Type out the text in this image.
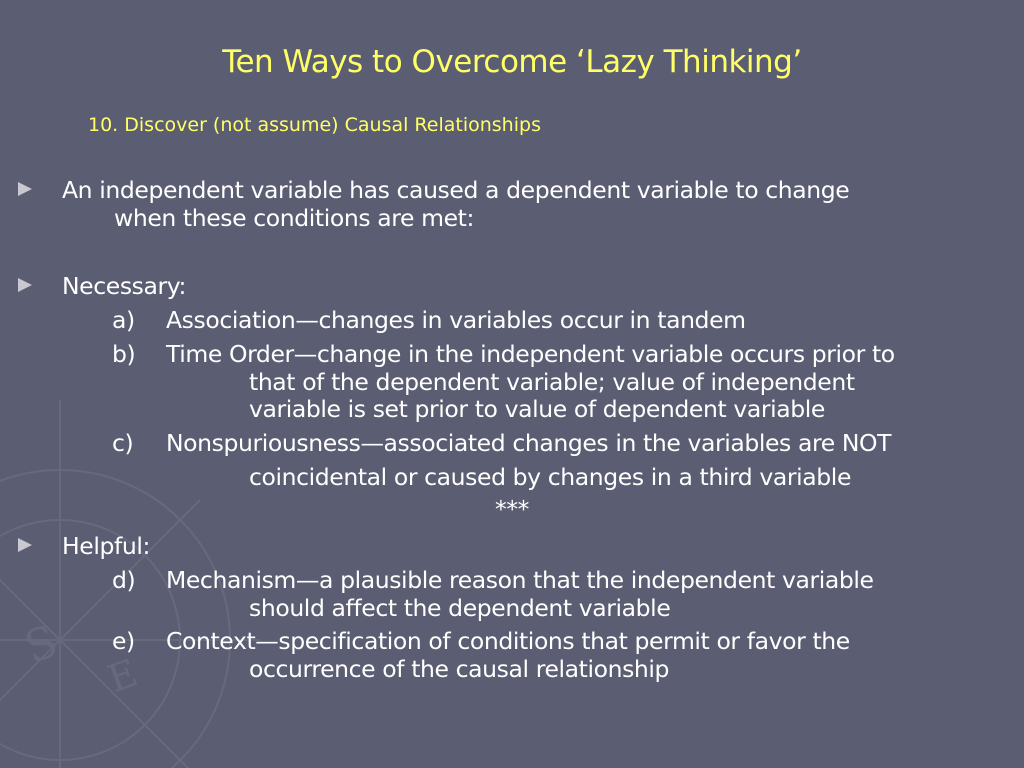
S
E
Ten Ways to Overcome ‘Lazy Thinking’
10. Discover (not assume) Causal Relationships
An independent variable has caused a dependent variable to change
when these conditions are met:
Necessary:
a) Association—changes in variables occur in tandem
b) Time Order—change in the independent variable occurs prior to
that of the dependent variable; value of independent
variable is set prior to value of dependent variable
c) Nonspuriousness—associated changes in the variables are NOT
coincidental or caused by changes in a third variable
***
Helpful:
d) Mechanism—a plausible reason that the independent variable
should affect the dependent variable
e) Context—specification of conditions that permit or favor the
occurrence of the causal relationship
